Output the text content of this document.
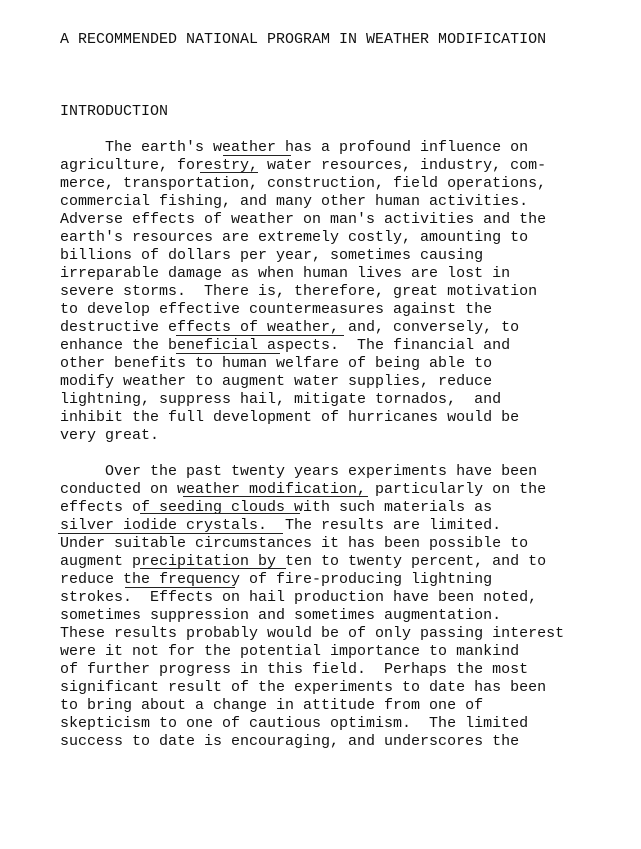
A RECOMMENDED NATIONAL PROGRAM IN WEATHER MODIFICATION
INTRODUCTION
The earth's weather has a profound influence on
agriculture, forestry, water resources, industry, com-
merce, transportation, construction, field operations,
commercial fishing, and many other human activities.
Adverse effects of weather on man's activities and the
earth's resources are extremely costly, amounting to
billions of dollars per year, sometimes causing
irreparable damage as when human lives are lost in
severe storms.  There is, therefore, great motivation
to develop effective countermeasures against the
destructive effects of weather, and, conversely, to
enhance the beneficial aspects.  The financial and
other benefits to human welfare of being able to
modify weather to augment water supplies, reduce
lightning, suppress hail, mitigate tornados,  and
inhibit the full development of hurricanes would be
very great.
Over the past twenty years experiments have been
conducted on weather modification, particularly on the
effects of seeding clouds with such materials as
silver iodide crystals.  The results are limited.
Under suitable circumstances it has been possible to
augment precipitation by ten to twenty percent, and to
reduce the frequency of fire-producing lightning
strokes.  Effects on hail production have been noted,
sometimes suppression and sometimes augmentation.
These results probably would be of only passing interest
were it not for the potential importance to mankind
of further progress in this field.  Perhaps the most
significant result of the experiments to date has been
to bring about a change in attitude from one of
skepticism to one of cautious optimism.  The limited
success to date is encouraging, and underscores the
